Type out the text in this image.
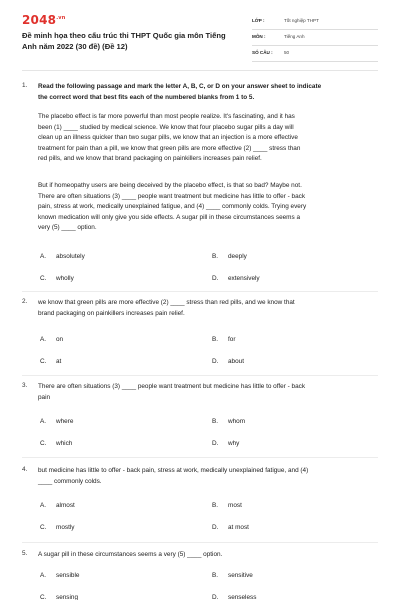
$2048^{.vn}$
Đề minh họa theo cấu trúc thi THPT Quốc gia môn Tiếng
Anh năm 2022 (30 đề) (Đề 12)
LỚP :	Tốt nghiệp THPT
MÔN :	Tiếng Anh
SỐ CÂU : 50
1. Read the following passage and mark the letter A, B, C, or D on your answer sheet to indicate
the correct word that best fits each of the numbered blanks from 1 to 5.
The placebo effect is far more powerful than most people realize. It's fascinating, and it has
been (1) ____ studied by medical science. We know that four placebo sugar pills a day will
clean up an illness quicker than two sugar pills, we know that an injection is a more effective
treatment for pain than a pill, we know that green pills are more effective (2) ____ stress than
red pills, and we know that brand packaging on painkillers increases pain relief.
But if homeopathy users are being deceived by the placebo effect, is that so bad? Maybe not.
There are often situations (3) ____ people want treatment but medicine has little to offer - back
pain, stress at work, medically unexplained fatigue, and (4) ____ commonly colds. Trying every
known medication will only give you side effects. A sugar pill in these circumstances seems a
very (5) ____ option.
A. absolutely	B. deeply
C. wholly	D. extensively
2. we know that green pills are more effective (2) ____ stress than red pills, and we know that
brand packaging on painkillers increases pain relief.
A. on	B. for
C. at	D. about
3. There are often situations (3) ____ people want treatment but medicine has little to offer - back
pain
A. where	B. whom
C. which	D. why
4. but medicine has little to offer - back pain, stress at work, medically unexplained fatigue, and (4)
____ commonly colds.
A. almost	B. most
C. mostly	D. at most
5. A sugar pill in these circumstances seems a very (5) ____ option.
A. sensible	B. sensitive
C. sensing	D. senseless
